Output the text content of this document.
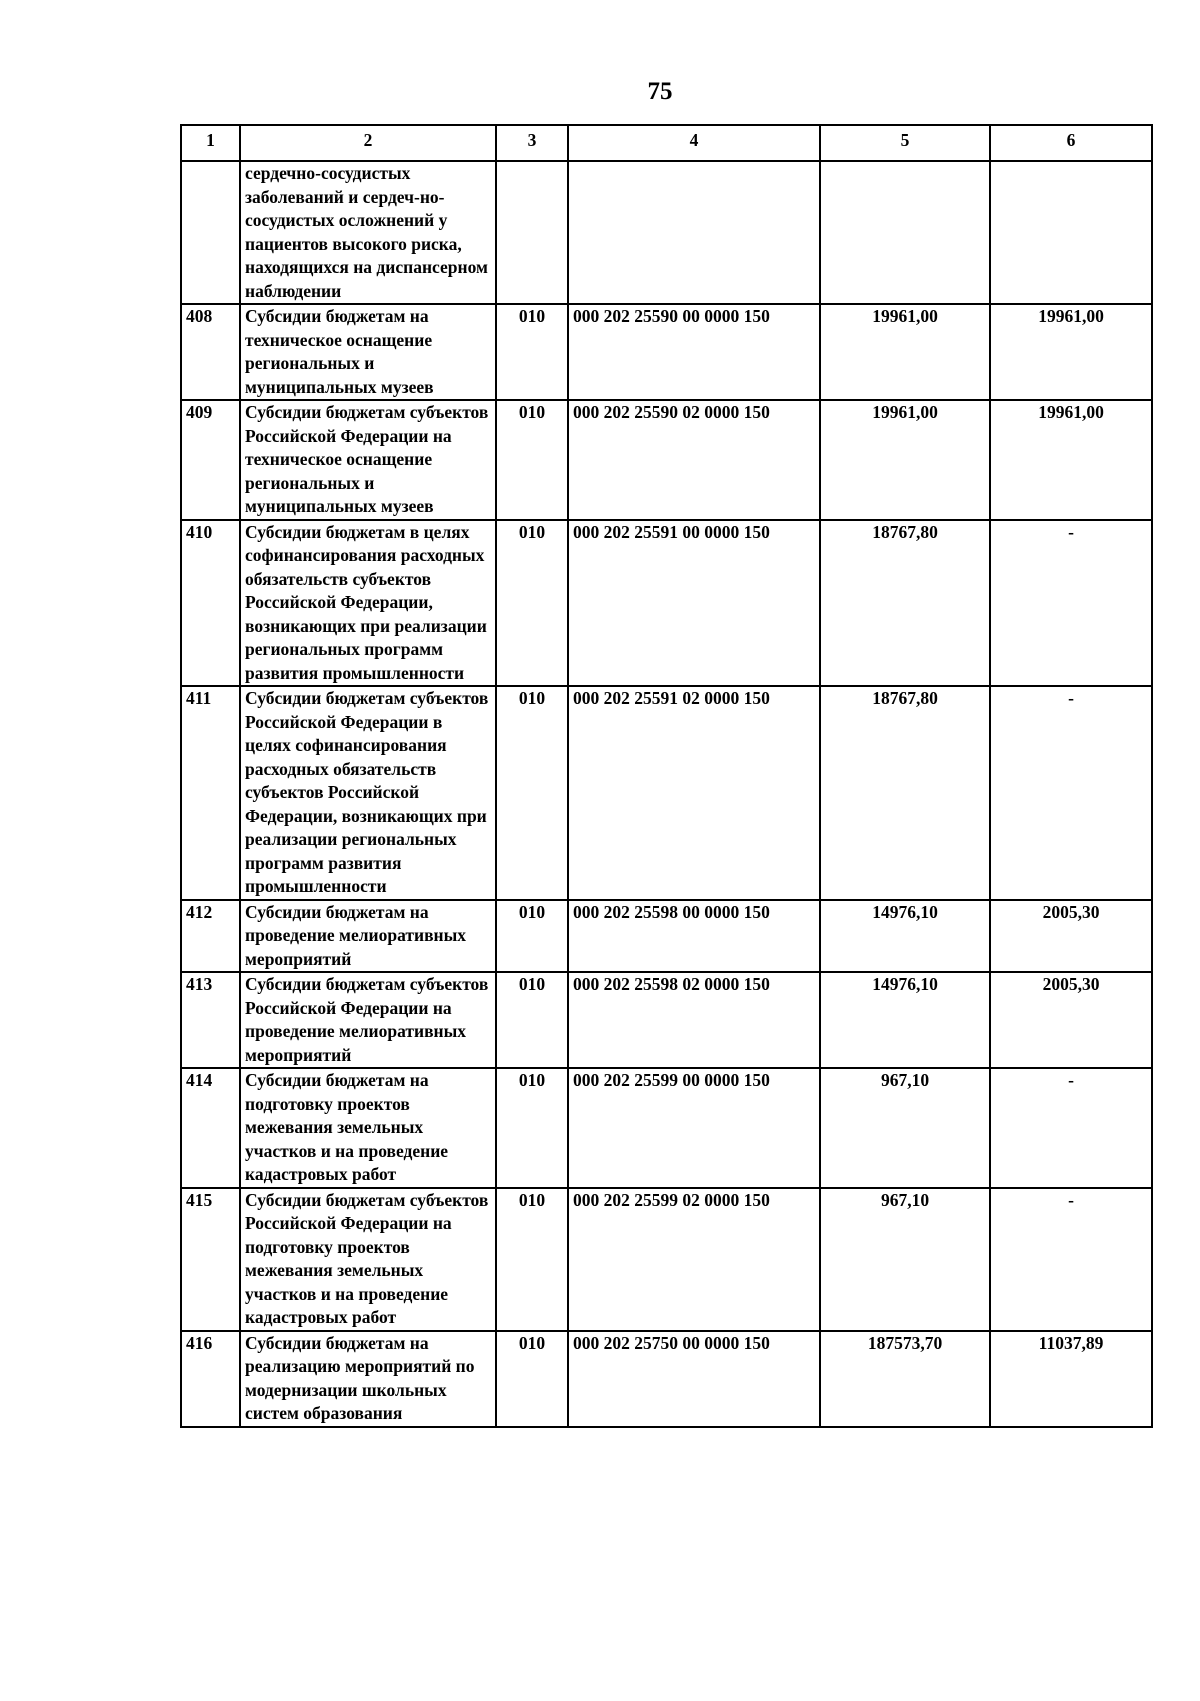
75
1	2	3	4	5	6
	сердечно-сосудистых заболеваний и сердеч-но-сосудистых осложнений у пациентов высокого риска, находящихся на диспансерном наблюдении				
408	Субсидии бюджетам на техническое оснащение региональных и муниципальных музеев	010	000 202 25590 00 0000 150	19961,00	19961,00
409	Субсидии бюджетам субъектов Российской Федерации на техническое оснащение региональных и муниципальных музеев	010	000 202 25590 02 0000 150	19961,00	19961,00
410	Субсидии бюджетам в целях софинансирования расходных обязательств субъектов Российской Федерации, возникающих при реализации региональных программ развития промышленности	010	000 202 25591 00 0000 150	18767,80	-
411	Субсидии бюджетам субъектов Российской Федерации в целях софинансирования расходных обязательств субъектов Российской Федерации, возникающих при реализации региональных программ развития промышленности	010	000 202 25591 02 0000 150	18767,80	-
412	Субсидии бюджетам на проведение мелиоративных мероприятий	010	000 202 25598 00 0000 150	14976,10	2005,30
413	Субсидии бюджетам субъектов Российской Федерации на проведение мелиоративных мероприятий	010	000 202 25598 02 0000 150	14976,10	2005,30
414	Субсидии бюджетам на подготовку проектов межевания земельных участков и на проведение кадастровых работ	010	000 202 25599 00 0000 150	967,10	-
415	Субсидии бюджетам субъектов Российской Федерации на подготовку проектов межевания земельных участков и на проведение кадастровых работ	010	000 202 25599 02 0000 150	967,10	-
416	Субсидии бюджетам на реализацию мероприятий по модернизации школьных систем образования	010	000 202 25750 00 0000 150	187573,70	11037,89
